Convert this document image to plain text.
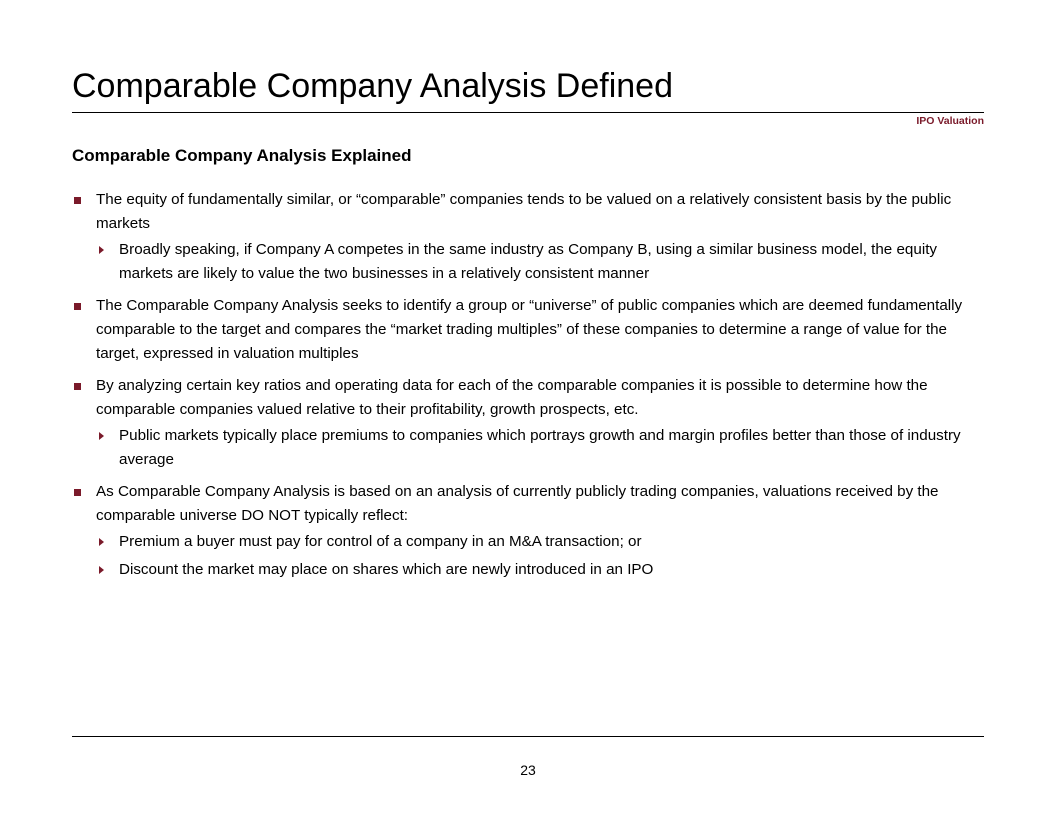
Comparable Company Analysis Defined
IPO Valuation
Comparable Company Analysis Explained
The equity of fundamentally similar, or “comparable” companies tends to be valued on a relatively consistent basis by the public markets
Broadly speaking, if Company A competes in the same industry as Company B, using a similar business model, the equity markets are likely to value the two businesses in a relatively consistent manner
The Comparable Company Analysis seeks to identify a group or “universe” of public companies which are deemed fundamentally comparable to the target and compares the “market trading multiples” of these companies to determine a range of value for the target, expressed in valuation multiples
By analyzing certain key ratios and operating data for each of the comparable companies it is possible to determine how the comparable companies valued relative to their profitability, growth prospects, etc.
Public markets typically place premiums to companies which portrays growth and margin profiles better than those of industry average
As Comparable Company Analysis is based on an analysis of currently publicly trading companies, valuations received by the comparable universe DO NOT typically reflect:
Premium a buyer must pay for control of a company in an M&A transaction; or
Discount the market may place on shares which are newly introduced in an IPO
23
